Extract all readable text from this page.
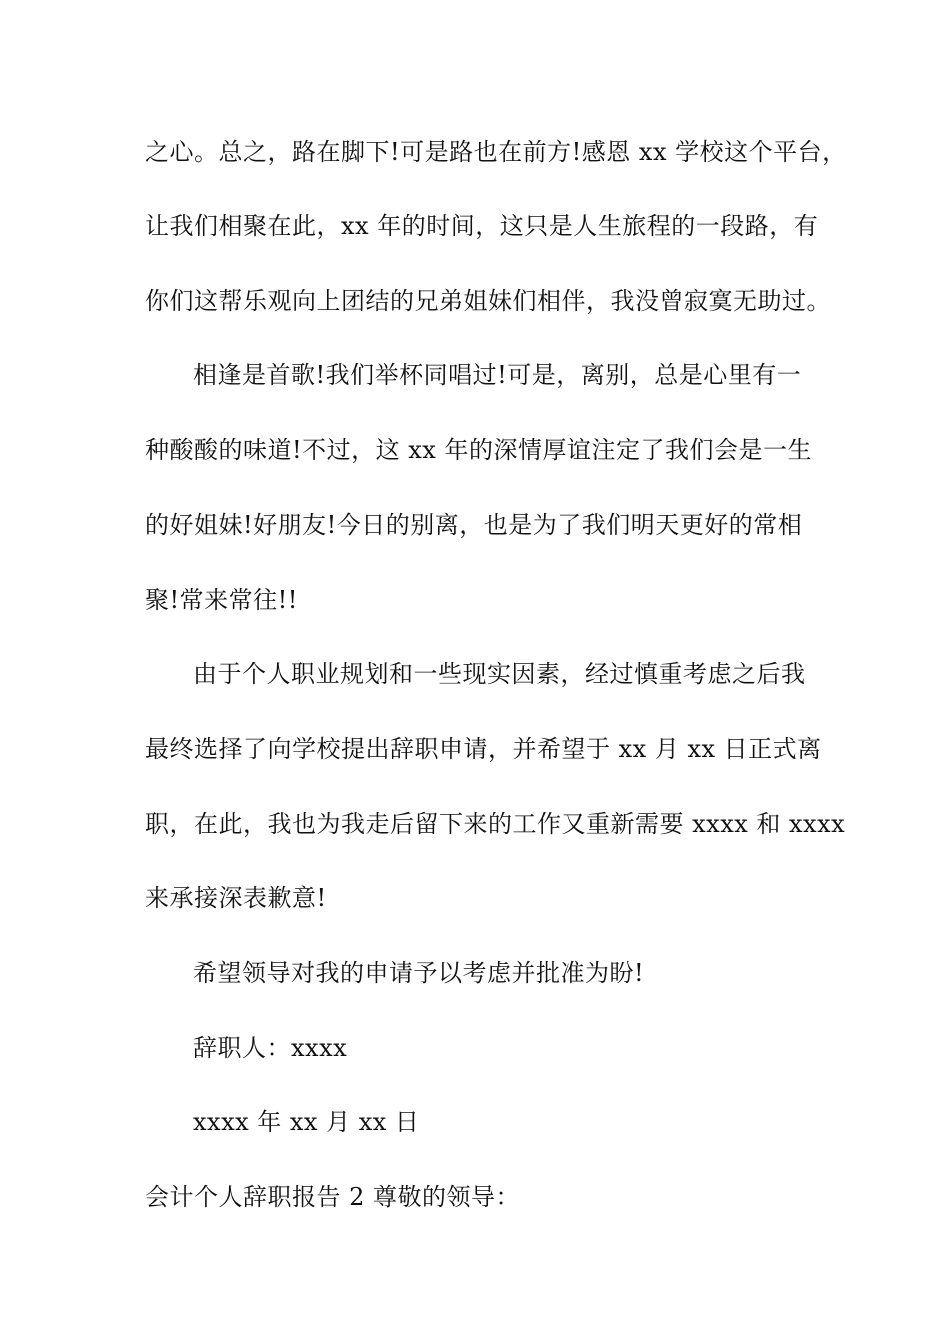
之心。总之，路在脚下!可是路也在前方!感恩 xx 学校这个平台，
让我们相聚在此，xx 年的时间，这只是人生旅程的一段路，有
你们这帮乐观向上团结的兄弟姐妹们相伴，我没曾寂寞无助过。
相逢是首歌!我们举杯同唱过!可是，离别，总是心里有一
种酸酸的味道!不过，这 xx 年的深情厚谊注定了我们会是一生
的好姐妹!好朋友!今日的别离，也是为了我们明天更好的常相
聚!常来常往!!
由于个人职业规划和一些现实因素，经过慎重考虑之后我
最终选择了向学校提出辞职申请，并希望于 xx 月 xx 日正式离
职，在此，我也为我走后留下来的工作又重新需要 xxxx 和 xxxx
来承接深表歉意!
希望领导对我的申请予以考虑并批准为盼!
辞职人：xxxx
xxxx 年 xx 月 xx 日
会计个人辞职报告 2 尊敬的领导：
